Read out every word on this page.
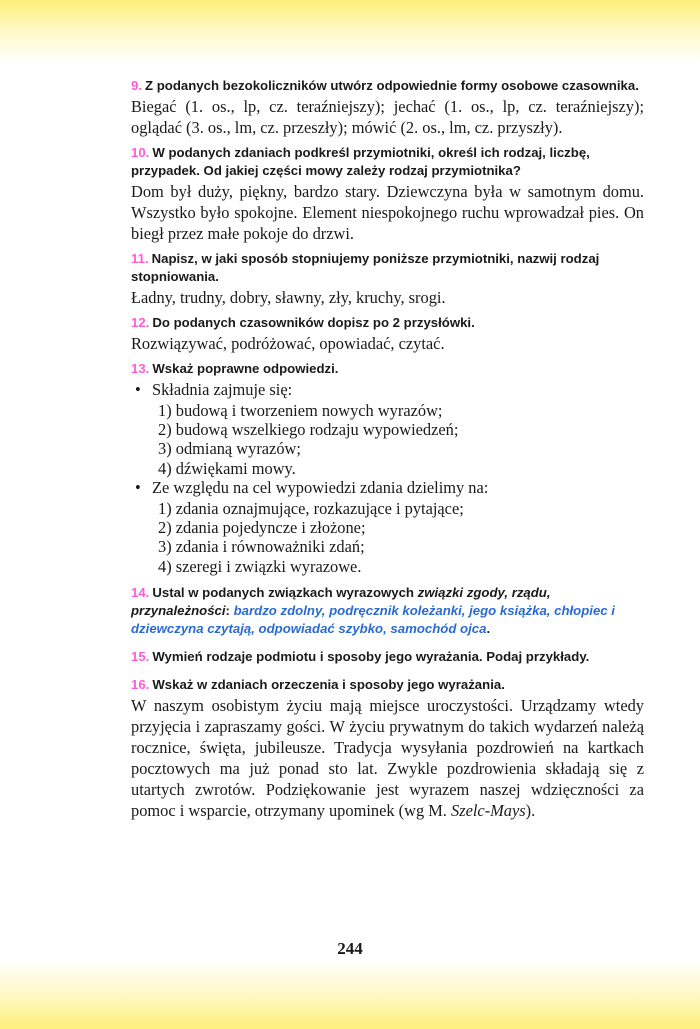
9. Z podanych bezokoliczników utwórz odpowiednie formy osobowe czasownika.

Biegać (1. os., lp, cz. teraźniejszy); jechać (1. os., lp, cz. teraźniejszy); oglądać (3. os., lm, cz. przeszły); mówić (2. os., lm, cz. przyszły).

10. W podanych zdaniach podkreśl przymiotniki, określ ich rodzaj, liczbę, przypadek. Od jakiej części mowy zależy rodzaj przymiotnika?

Dom był duży, piękny, bardzo stary. Dziewczyna była w samotnym domu. Wszystko było spokojne. Element niespokojnego ruchu wprowadzał pies. On biegł przez małe pokoje do drzwi.

11. Napisz, w jaki sposób stopniujemy poniższe przymiotniki, nazwij rodzaj stopniowania.

Ładny, trudny, dobry, sławny, zły, kruchy, srogi.

12. Do podanych czasowników dopisz po 2 przysłówki.

Rozwiązywać, podróżować, opowiadać, czytać.

13. Wskaż poprawne odpowiedzi.

• Składnia zajmuje się:
1) budową i tworzeniem nowych wyrazów;
2) budową wszelkiego rodzaju wypowiedzeń;
3) odmianą wyrazów;
4) dźwiękami mowy.
• Ze względu na cel wypowiedzi zdania dzielimy na:
1) zdania oznajmujące, rozkazujące i pytające;
2) zdania pojedyncze i złożone;
3) zdania i równoważniki zdań;
4) szeregi i związki wyrazowe.

14. Ustal w podanych związkach wyrazowych związki zgody, rządu, przynależności: bardzo zdolny, podręcznik koleżanki, jego książka, chłopiec i dziewczyna czytają, odpowiadać szybko, samochód ojca.

15. Wymień rodzaje podmiotu i sposoby jego wyrażania. Podaj przykłady.

16. Wskaż w zdaniach orzeczenia i sposoby jego wyrażania.

W naszym osobistym życiu mają miejsce uroczystości. Urządzamy wtedy przyjęcia i zapraszamy gości. W życiu prywatnym do takich wydarzeń należą rocznice, święta, jubileusze. Tradycja wysyłania pozdrowień na kartkach pocztowych ma już ponad sto lat. Zwykle pozdrowienia składają się z utartych zwrotów. Podziękowanie jest wyrazem naszej wdzięczności za pomoc i wsparcie, otrzymany upominek (wg M. Szelc-Mays).

244
